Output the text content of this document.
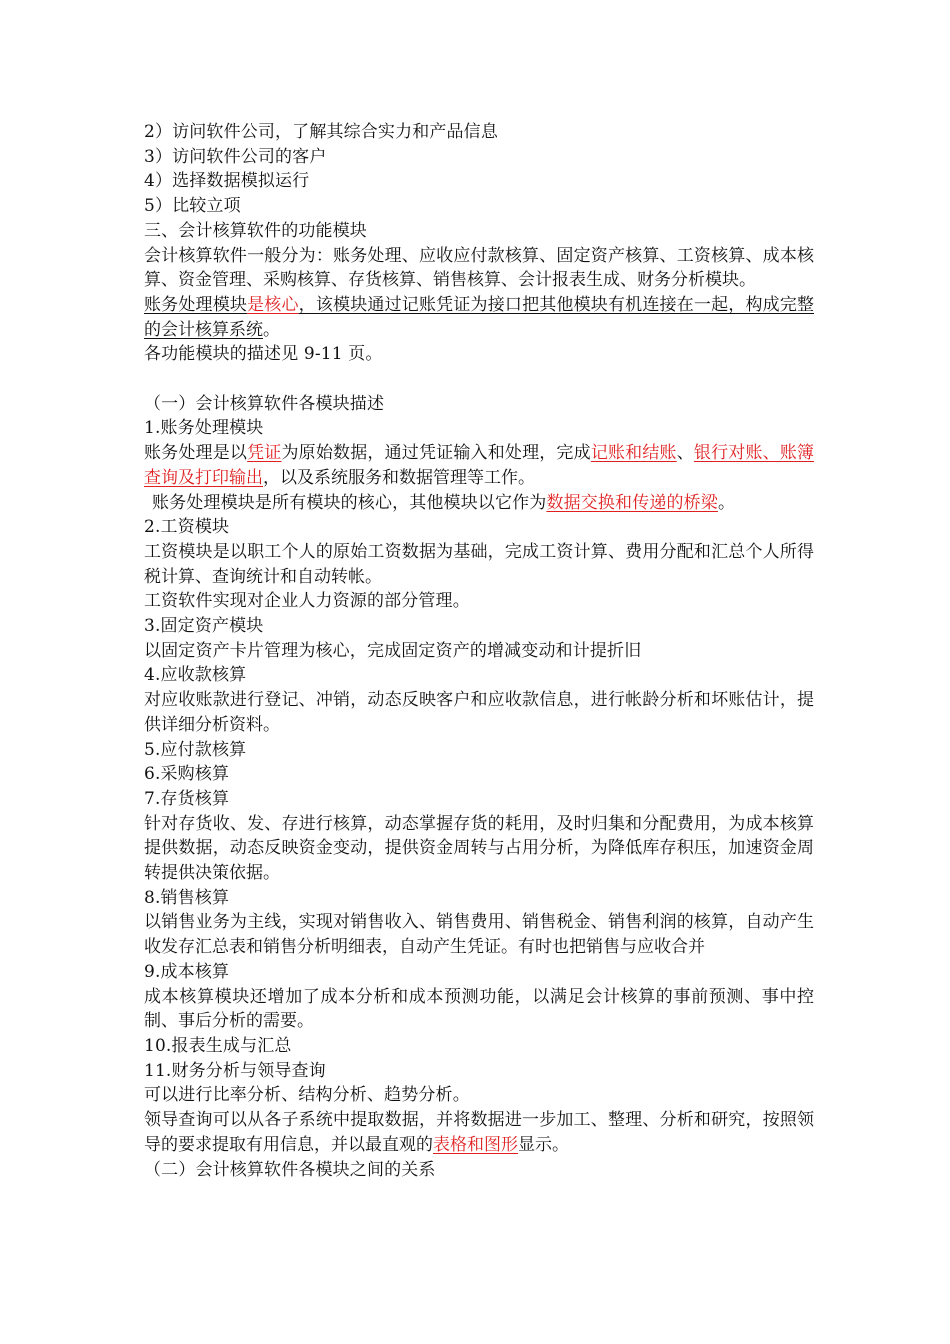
2）访问软件公司，了解其综合实力和产品信息
3）访问软件公司的客户
4）选择数据模拟运行
5）比较立项
三、会计核算软件的功能模块
会计核算软件一般分为：账务处理、应收应付款核算、固定资产核算、工资核算、成本核算、资金管理、采购核算、存货核算、销售核算、会计报表生成、财务分析模块。
账务处理模块是核心，该模块通过记账凭证为接口把其他模块有机连接在一起，构成完整的会计核算系统。
各功能模块的描述见 9-11 页。
（一）会计核算软件各模块描述
1.账务处理模块
账务处理是以凭证为原始数据，通过凭证输入和处理，完成记账和结账、银行对账、账簿查询及打印输出，以及系统服务和数据管理等工作。
账务处理模块是所有模块的核心，其他模块以它作为数据交换和传递的桥梁。
2.工资模块
工资模块是以职工个人的原始工资数据为基础，完成工资计算、费用分配和汇总个人所得税计算、查询统计和自动转帐。
工资软件实现对企业人力资源的部分管理。
3.固定资产模块
以固定资产卡片管理为核心，完成固定资产的增减变动和计提折旧
4.应收款核算
对应收账款进行登记、冲销，动态反映客户和应收款信息，进行帐龄分析和坏账估计，提供详细分析资料。
5.应付款核算
6.采购核算
7.存货核算
针对存货收、发、存进行核算，动态掌握存货的耗用，及时归集和分配费用，为成本核算提供数据，动态反映资金变动，提供资金周转与占用分析，为降低库存积压，加速资金周转提供决策依据。
8.销售核算
以销售业务为主线，实现对销售收入、销售费用、销售税金、销售利润的核算，自动产生收发存汇总表和销售分析明细表，自动产生凭证。有时也把销售与应收合并
9.成本核算
成本核算模块还增加了成本分析和成本预测功能，以满足会计核算的事前预测、事中控制、事后分析的需要。
10.报表生成与汇总
11.财务分析与领导查询
可以进行比率分析、结构分析、趋势分析。
领导查询可以从各子系统中提取数据，并将数据进一步加工、整理、分析和研究，按照领导的要求提取有用信息，并以最直观的表格和图形显示。
（二）会计核算软件各模块之间的关系
